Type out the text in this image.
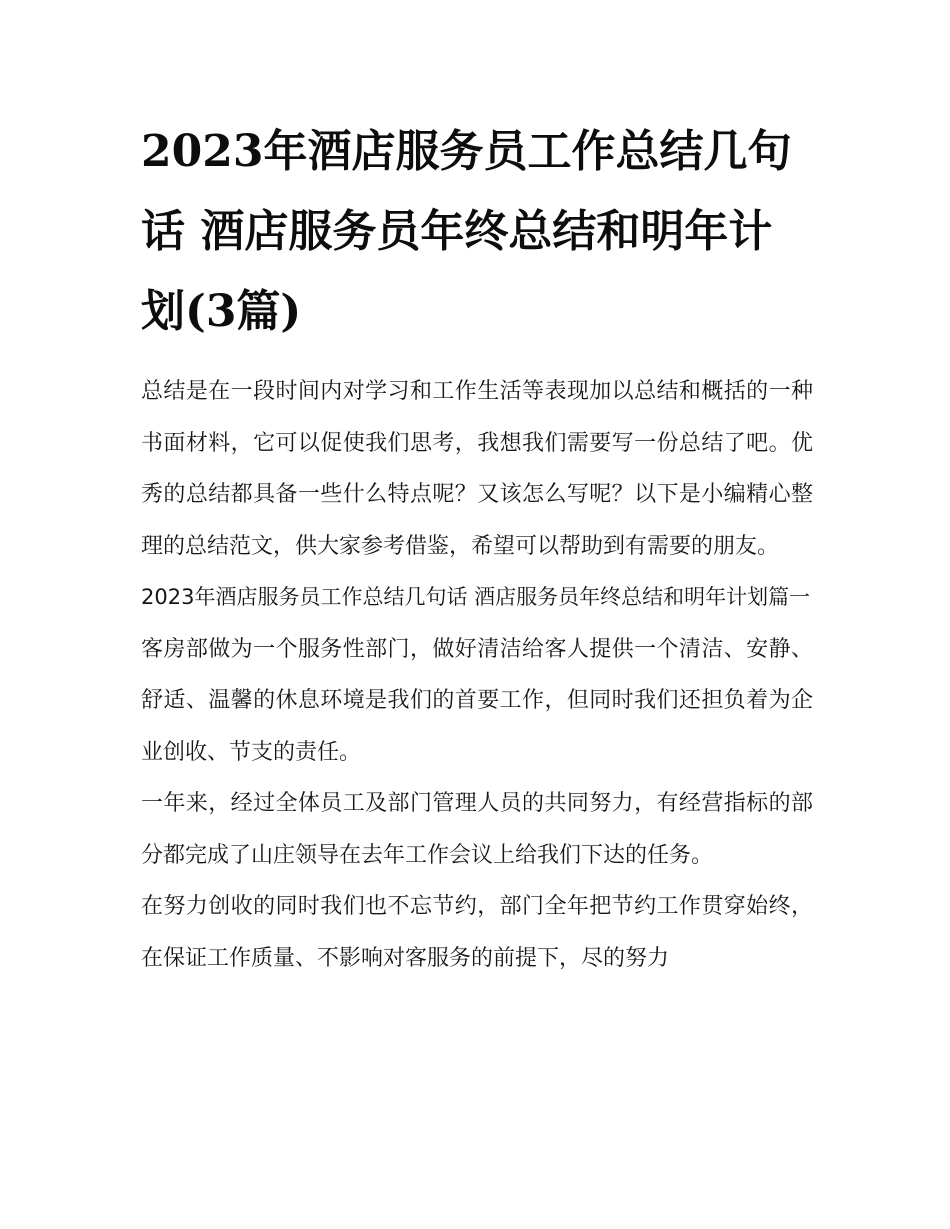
2023年酒店服务员工作总结几句话 酒店服务员年终总结和明年计划(3篇)

总结是在一段时间内对学习和工作生活等表现加以总结和概括的一种书面材料，它可以促使我们思考，我想我们需要写一份总结了吧。优秀的总结都具备一些什么特点呢？又该怎么写呢？以下是小编精心整理的总结范文，供大家参考借鉴，希望可以帮助到有需要的朋友。

2023年酒店服务员工作总结几句话 酒店服务员年终总结和明年计划篇一

客房部做为一个服务性部门，做好清洁给客人提供一个清洁、安静、舒适、温馨的休息环境是我们的首要工作，但同时我们还担负着为企业创收、节支的责任。

一年来，经过全体员工及部门管理人员的共同努力，有经营指标的部分都完成了山庄领导在去年工作会议上给我们下达的任务。

在努力创收的同时我们也不忘节约，部门全年把节约工作贯穿始终，在保证工作质量、不影响对客服务的前提下，尽的努力
